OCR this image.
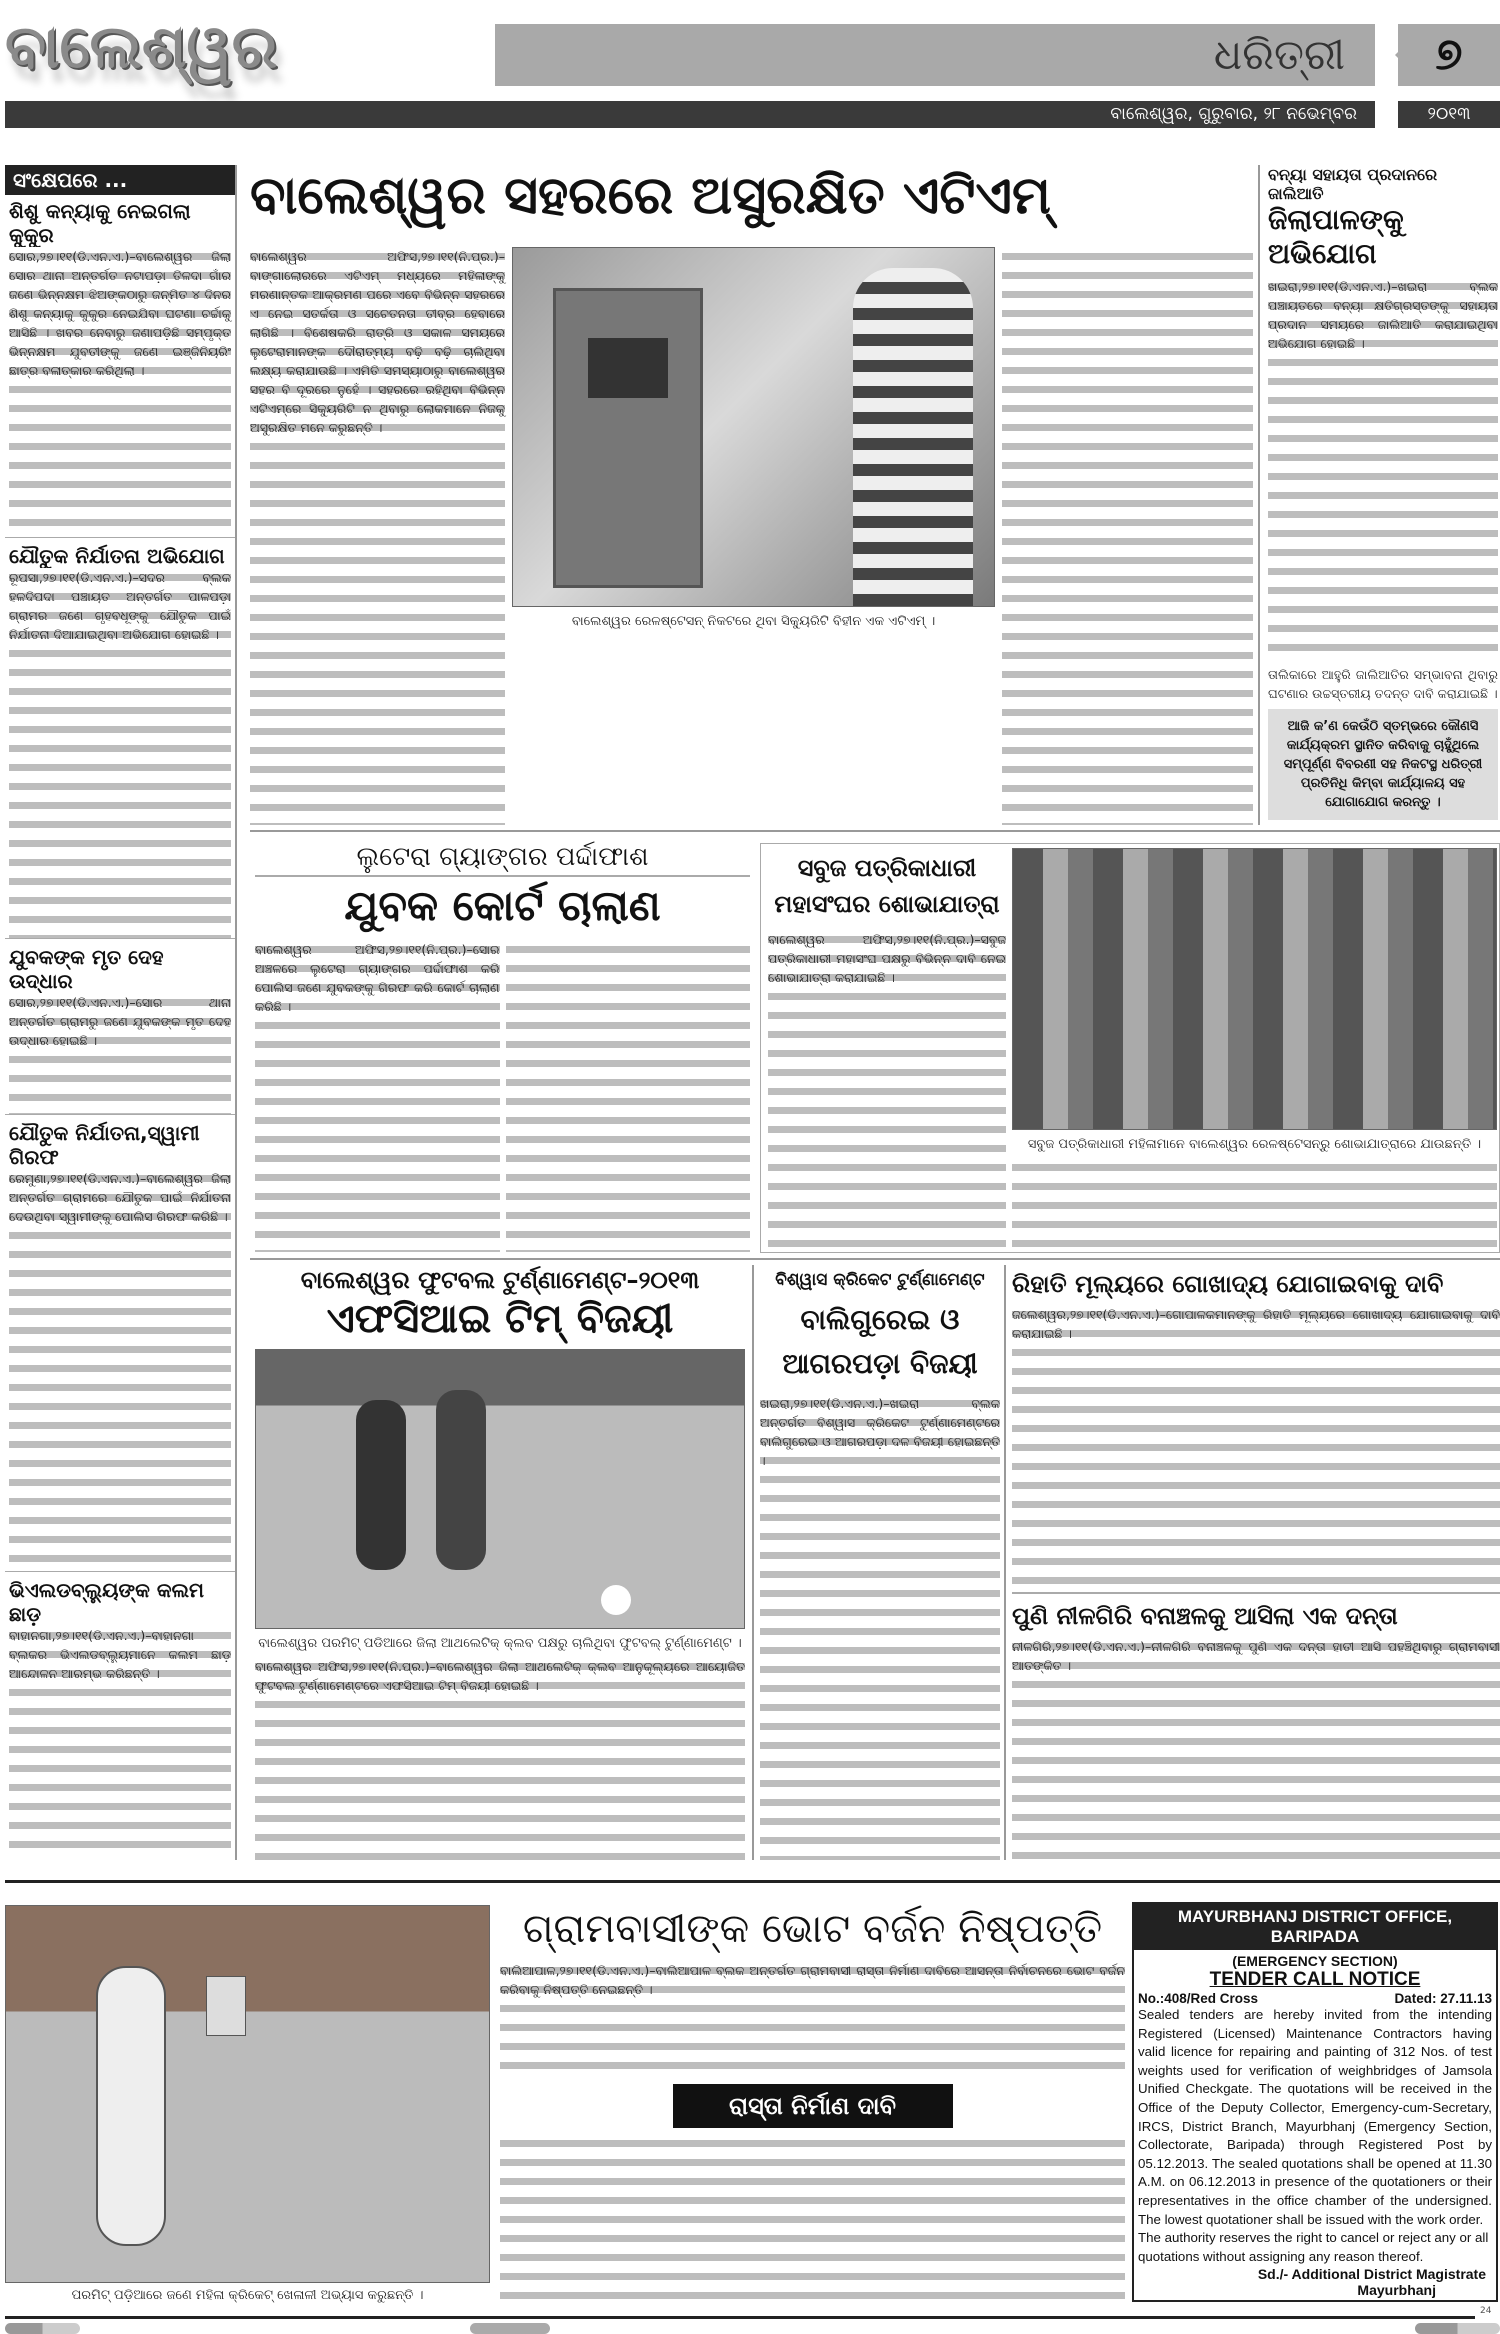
ବାଲେଶ୍ୱର	ଧରିତ୍ରୀ	୭
ବାଲେଶ୍ୱର, ଗୁରୁବାର, ୨୮ ନଭେମ୍ବର	୨୦୧୩
ସଂକ୍ଷେପରେ ...
ଶିଶୁ କନ୍ୟାକୁ ନେଇଗଲା କୁକୁର
ସୋର,୨୭।୧୧(ଡି.ଏନ.ଏ.)–ବାଲେଶ୍ୱର ଜିଲା ସୋର ଥାନା ଅନ୍ତର୍ଗତ ନଟାପଡ଼ା ତିଳଦା ଗାଁର ଜଣେ ଭିନ୍ନକ୍ଷମ ଝିଅଙ୍କଠାରୁ ଜନ୍ମିତ ୪ ଦିନର ଶିଶୁ କନ୍ୟାକୁ କୁକୁର ନେଇଯିବା ଘଟଣା ଚର୍ଚ୍ଚାକୁ ଆସିଛି । ଖବର ନେବାରୁ ଜଣାପଡ଼ିଛି ସମ୍ପୃକ୍ତ ଭିନ୍ନକ୍ଷମ ଯୁବତୀଙ୍କୁ ଜଣେ ଇଞ୍ଜିନିୟରିଂ ଛାତ୍ର ବଳାତ୍କାର କରିଥିଲା ।
ଯୌତୁକ ନିର୍ଯାତନା ଅଭିଯୋଗ
ରୂପସା,୨୭।୧୧(ଡି.ଏନ.ଏ.)–ସଦର ବ୍ଲକ ହଳଦିପଦା ପଞ୍ଚାୟତ ଅନ୍ତର୍ଗତ ପାଳପଡ଼ା ଗ୍ରାମର ଜଣେ ଗୃହବଧୂଙ୍କୁ ଯୌତୁକ ପାଇଁ ନିର୍ଯାତନା ଦିଆଯାଇଥିବା ଅଭିଯୋଗ ହୋଇଛି ।
ଯୁବକଙ୍କ ମୃତ ଦେହ ଉଦ୍ଧାର
ସୋର,୨୭।୧୧(ଡି.ଏନ.ଏ.)–ସୋର ଥାନା ଅନ୍ତର୍ଗତ ଗ୍ରାମରୁ ଜଣେ ଯୁବକଙ୍କ ମୃତ ଦେହ ଉଦ୍ଧାର ହୋଇଛି ।
ଯୌତୁକ ନିର୍ଯାତନା,ସ୍ୱାମୀ ଗିରଫ
ରେମୁଣା,୨୭।୧୧(ଡି.ଏନ.ଏ.)–ବାଲେଶ୍ୱର ଜିଲା ଅନ୍ତର୍ଗତ ଗ୍ରାମରେ ଯୌତୁକ ପାଇଁ ନିର୍ଯାତନା ଦେଉଥିବା ସ୍ୱାମୀଙ୍କୁ ପୋଲିସ ଗିରଫ କରିଛି ।
ଭିଏଲଡବ୍ଲ୍ୟୁଙ୍କ କଲମ ଛାଡ଼
ବାହାନଗା,୨୭।୧୧(ଡି.ଏନ.ଏ.)–ବାହାନଗା ବ୍ଲକର ଭିଏଲଡବ୍ଲ୍ୟୁମାନେ କଲମ ଛାଡ଼ ଆନ୍ଦୋଳନ ଆରମ୍ଭ କରିଛନ୍ତି ।
ବାଲେଶ୍ୱର ସହରରେ ଅସୁରକ୍ଷିତ ଏଟିଏମ୍
ବାଲେଶ୍ୱର ଅଫିସ,୨୭।୧୧(ନି.ପ୍ର.)–ବାଙ୍ଗାଲୋରରେ ଏଟିଏମ୍ ମଧ୍ୟରେ ମହିଳାଙ୍କୁ ମରଣାନ୍ତକ ଆକ୍ରମଣ ପରେ ଏବେ ବିଭିନ୍ନ ସହରରେ ଏ ନେଇ ସତର୍କତା ଓ ସଚେତନତା ତୀବ୍ର ହେବାରେ ଲାଗିଛି । ବିଶେଷକରି ରାତ୍ରି ଓ ସକାଳ ସମୟରେ ଲୁଟେରାମାନଙ୍କ ଦୌରାତ୍ମ୍ୟ ବଢ଼ି ବଢ଼ି ଚାଲିଥିବା ଲକ୍ଷ୍ୟ କରାଯାଉଛି । ଏମିତି ସମସ୍ୟାଠାରୁ ବାଲେଶ୍ୱର ସହର ବି ଦୂରରେ ନୁହେଁ । ସହରରେ ରହିଥିବା ବିଭିନ୍ନ ଏଟିଏମ୍‌ରେ ସିକ୍ୟୁରିଟି ନ ଥିବାରୁ ଲୋକମାନେ ନିଜକୁ ଅସୁରକ୍ଷିତ ମନେ କରୁଛନ୍ତି ।
ବାଲେଶ୍ୱର ରେଳଷ୍ଟେସନ୍ ନିକଟରେ ଥିବା ସିକ୍ୟୁରିଟି ବିହୀନ ଏକ ଏଟିଏମ୍ ।
ବନ୍ୟା ସହାୟତା ପ୍ରଦାନରେ ଜାଲିଆତି
ଜିଲାପାଳଙ୍କୁ ଅଭିଯୋଗ
ଖଇରା,୨୭।୧୧(ଡି.ଏନ.ଏ.)–ଖଇରା ବ୍ଲକ ପଞ୍ଚାୟତରେ ବନ୍ୟା କ୍ଷତିଗ୍ରସ୍ତଙ୍କୁ ସହାୟତା ପ୍ରଦାନ ସମୟରେ ଜାଲିଆତି କରାଯାଇଥିବା ଅଭିଯୋଗ ହୋଇଛି ।
ତାଲିକାରେ ଆହୁରି ଜାଲିଆତିର ସମ୍ଭାବନା ଥିବାରୁ ଘଟଣାର ଉଚ୍ଚସ୍ତରୀୟ ତଦନ୍ତ ଦାବି କରାଯାଇଛି ।
ଆଜି କ’ଣ କେଉଁଠି ସ୍ତମ୍ଭରେ କୌଣସି କାର୍ଯ୍ୟକ୍ରମ ସ୍ଥାନିତ କରିବାକୁ ଚାହୁଁଥିଲେ ସମ୍ପୂର୍ଣ୍ଣ ବିବରଣୀ ସହ ନିକଟସ୍ଥ ଧରିତ୍ରୀ ପ୍ରତିନିଧି କିମ୍ବା କାର୍ଯ୍ୟାଳୟ ସହ ଯୋଗାଯୋଗ କରନ୍ତୁ ।
ଲୁଟେରା ଗ୍ୟାଙ୍ଗର ପର୍ଦ୍ଦାଫାଶ
ଯୁବକ କୋର୍ଟ ଚାଲାଣ
ବାଲେଶ୍ୱର ଅଫିସ,୨୭।୧୧(ନି.ପ୍ର.)–ସୋର ଅଞ୍ଚଳରେ ଲୁଟେରା ଗ୍ୟାଙ୍ଗର ପର୍ଦ୍ଦାଫାଶ କରି ପୋଲିସ ଜଣେ ଯୁବକଙ୍କୁ ଗିରଫ କରି କୋର୍ଟ ଚାଲାଣ କରିଛି ।
ସବୁଜ ପତ୍ରିକାଧାରୀ ମହାସଂଘର ଶୋଭାଯାତ୍ରା
ବାଲେଶ୍ୱର ଅଫିସ,୨୭।୧୧(ନି.ପ୍ର.)–ସବୁଜ ପତ୍ରିକାଧାରୀ ମହାସଂଘ ପକ୍ଷରୁ ବିଭିନ୍ନ ଦାବି ନେଇ ଶୋଭାଯାତ୍ରା କରାଯାଇଛି ।
ସବୁଜ ପତ୍ରିକାଧାରୀ ମହିଳାମାନେ ବାଲେଶ୍ୱର ରେଳଷ୍ଟେସନ୍‌ରୁ ଶୋଭାଯାତ୍ରାରେ ଯାଉଛନ୍ତି ।
ବାଲେଶ୍ୱର ଫୁଟବଲ ଟୁର୍ଣ୍ଣାମେଣ୍ଟ–୨୦୧୩
ଏଫସିଆଇ ଟିମ୍ ବିଜୟୀ
ବାଲେଶ୍ୱର ପରମିଟ୍ ପଡିଆରେ ଜିଲା ଆଥଲେଟିକ୍ କ୍ଲବ ପକ୍ଷରୁ ଚାଲିଥିବା ଫୁଟବଲ୍ ଟୁର୍ଣ୍ଣାମେଣ୍ଟ ।
ବାଲେଶ୍ୱର ଅଫିସ,୨୭।୧୧(ନି.ପ୍ର.)–ବାଲେଶ୍ୱର ଜିଲା ଆଥଲେଟିକ୍ କ୍ଲବ ଆନୁକୂଲ୍ୟରେ ଆୟୋଜିତ ଫୁଟବଲ ଟୁର୍ଣ୍ଣାମେଣ୍ଟରେ ଏଫସିଆଇ ଟିମ୍ ବିଜୟୀ ହୋଇଛି ।
ବିଶ୍ୱାସ କ୍ରିକେଟ ଟୁର୍ଣ୍ଣାମେଣ୍ଟ
ବାଲିଗୁରେଇ ଓ ଆଗରପଡ଼ା ବିଜୟୀ
ଖଇରା,୨୭।୧୧(ଡି.ଏନ.ଏ.)–ଖଇରା ବ୍ଲକ ଅନ୍ତର୍ଗତ ବିଶ୍ୱାସ କ୍ରିକେଟ ଟୁର୍ଣ୍ଣାମେଣ୍ଟରେ ବାଲିଗୁରେଇ ଓ ଆଗରପଡ଼ା ଦଳ ବିଜୟୀ ହୋଇଛନ୍ତି ।
ରିହାତି ମୂଲ୍ୟରେ ଗୋଖାଦ୍ୟ ଯୋଗାଇବାକୁ ଦାବି
ଜଲେଶ୍ୱର,୨୭।୧୧(ଡି.ଏନ.ଏ.)–ଗୋପାଳକମାନଙ୍କୁ ରିହାତି ମୂଲ୍ୟରେ ଗୋଖାଦ୍ୟ ଯୋଗାଇବାକୁ ଦାବି କରାଯାଇଛି ।
ପୁଣି ନୀଳଗିରି ବନାଞ୍ଚଳକୁ ଆସିଲା ଏକ ଦନ୍ତା
ନୀଳଗିରି,୨୭।୧୧(ଡି.ଏନ.ଏ.)–ନୀଳଗିରି ବନାଞ୍ଚଳକୁ ପୁଣି ଏକ ଦନ୍ତା ହାତୀ ଆସି ପହଞ୍ଚିଥିବାରୁ ଗ୍ରାମବାସୀ ଆତଙ୍କିତ ।
ପରମିଟ୍ ପଡ଼ିଆରେ ଜଣେ ମହିଳା କ୍ରିକେଟ୍ ଖେଳାଳୀ ଅଭ୍ୟାସ କରୁଛନ୍ତି ।
ଗ୍ରାମବାସୀଙ୍କ ଭୋଟ ବର୍ଜନ ନିଷ୍ପତ୍ତି
ବାଲିଆପାଳ,୨୭।୧୧(ଡି.ଏନ.ଏ.)–ବାଲିଆପାଳ ବ୍ଲକ ଅନ୍ତର୍ଗତ ଗ୍ରାମବାସୀ ରାସ୍ତା ନିର୍ମାଣ ଦାବିରେ ଆସନ୍ତା ନିର୍ବାଚନରେ ଭୋଟ ବର୍ଜନ କରିବାକୁ ନିଷ୍ପତ୍ତି ନେଇଛନ୍ତି ।
ରାସ୍ତା ନିର୍ମାଣ ଦାବି
MAYURBHANJ DISTRICT OFFICE, BARIPADA
(EMERGENCY SECTION)
TENDER CALL NOTICE
No.:408/Red Cross	Dated: 27.11.13
Sealed tenders are hereby invited from the intending Registered (Licensed) Maintenance Contractors having valid licence for repairing and painting of 312 Nos. of test weights used for verification of weighbridges of Jamsola Unified Checkgate. The quotations will be received in the Office of the Deputy Collector, Emergency-cum-Secretary, IRCS, District Branch, Mayurbhanj (Emergency Section, Collectorate, Baripada) through Registered Post by 05.12.2013. The sealed quotations shall be opened at 11.30 A.M. on 06.12.2013 in presence of the quotationers or their representatives in the office chamber of the undersigned. The lowest quotationer shall be issued with the work order.
The authority reserves the right to cancel or reject any or all quotations without assigning any reason thereof.
Sd./- Additional District Magistrate
Mayurbhanj
24
